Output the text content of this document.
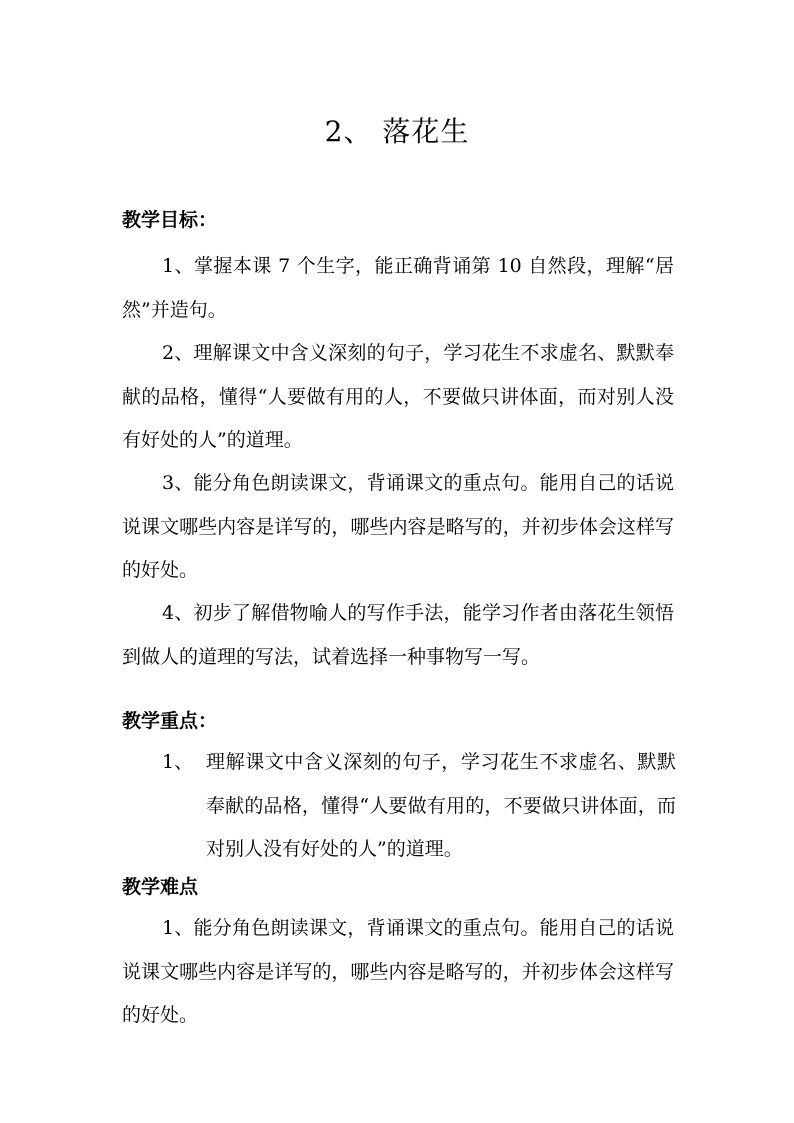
2、 落花生
教学目标：

1、掌握本课 7 个生字，能正确背诵第 10 自然段，理解“居然”并造句。

2、理解课文中含义深刻的句子，学习花生不求虚名、默默奉献的品格，懂得“人要做有用的人，不要做只讲体面，而对别人没有好处的人”的道理。

3、能分角色朗读课文，背诵课文的重点句。能用自己的话说说课文哪些内容是详写的，哪些内容是略写的，并初步体会这样写的好处。

4、初步了解借物喻人的写作手法，能学习作者由落花生领悟到做人的道理的写法，试着选择一种事物写一写。

教学重点：
1、 理解课文中含义深刻的句子，学习花生不求虚名、默默奉献的品格，懂得“人要做有用的，不要做只讲体面，而对别人没有好处的人”的道理。

教学难点

1、能分角色朗读课文，背诵课文的重点句。能用自己的话说说课文哪些内容是详写的，哪些内容是略写的，并初步体会这样写的好处。
